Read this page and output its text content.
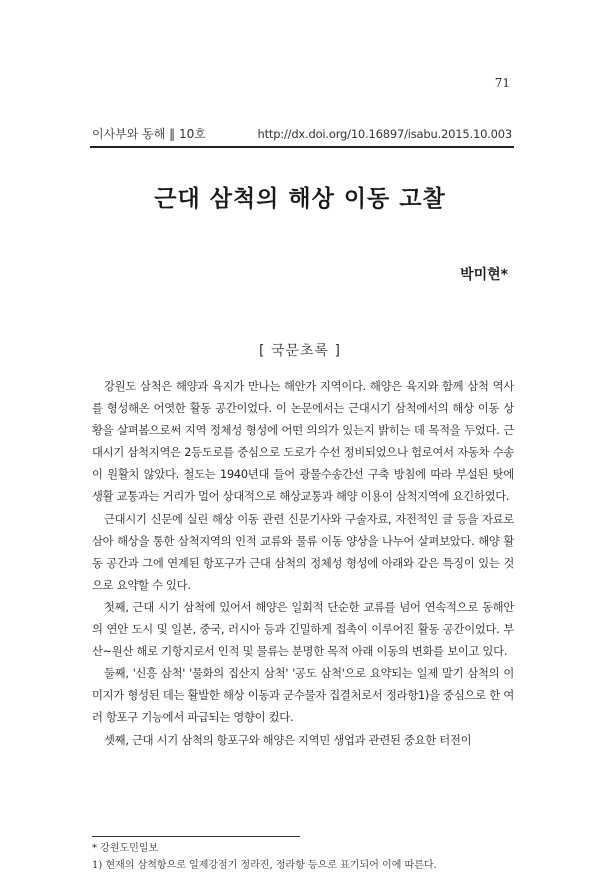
71
이사부와 동해 ‖ 10호	http://dx.doi.org/10.16897/isabu.2015.10.003
근대 삼척의 해상 이동 고찰
박미현*
[ 국문초록 ]

강원도 삼척은 해양과 육지가 만나는 해안가 지역이다. 해양은 육지와 함께 삼척 역사를 형성해온 어엿한 활동 공간이었다. 이 논문에서는 근대시기 삼척에서의 해상 이동 상황을 살펴봄으로써 지역 정체성 형성에 어떤 의의가 있는지 밝히는 데 목적을 두었다. 근대시기 삼척지역은 2등도로를 중심으로 도로가 수선 정비되었으나 험로여서 자동차 수송이 원활치 않았다. 철도는 1940년대 들어 광물수송간선 구축 방침에 따라 부설된 탓에 생활 교통과는 거리가 멀어 상대적으로 해상교통과 해양 이용이 삼척지역에 요긴하였다.

근대시기 신문에 실린 해상 이동 관련 신문기사와 구술자료, 자전적인 글 등을 자료로 삼아 해상을 통한 삼척지역의 인적 교류와 물류 이동 양상을 나누어 살펴보았다. 해양 활동 공간과 그에 연계된 항포구가 근대 삼척의 정체성 형성에 아래와 같은 특징이 있는 것으로 요약할 수 있다.

첫째, 근대 시기 삼척에 있어서 해양은 일회적 단순한 교류를 넘어 연속적으로 동해안의 연안 도시 및 일본, 중국, 러시아 등과 긴밀하게 접촉이 이루어진 활동 공간이었다. 부산~원산 해로 기항지로서 인적 및 물류는 분명한 목적 아래 이동의 변화를 보이고 있다.

둘째, '신흥 삼척' '물화의 집산지 삼척' '공도 삼척'으로 요약되는 일제 말기 삼척의 이미지가 형성된 데는 활발한 해상 이동과 군수물자 집결처로서 정라항1)을 중심으로 한 여러 항포구 기능에서 파급되는 영향이 컸다.

셋째, 근대 시기 삼척의 항포구와 해양은 지역민 생업과 관련된 중요한 터전이

* 강원도민일보
1) 현재의 삼척항으로 일제강점기 정라진, 정라항 등으로 표기되어 이에 따른다.
